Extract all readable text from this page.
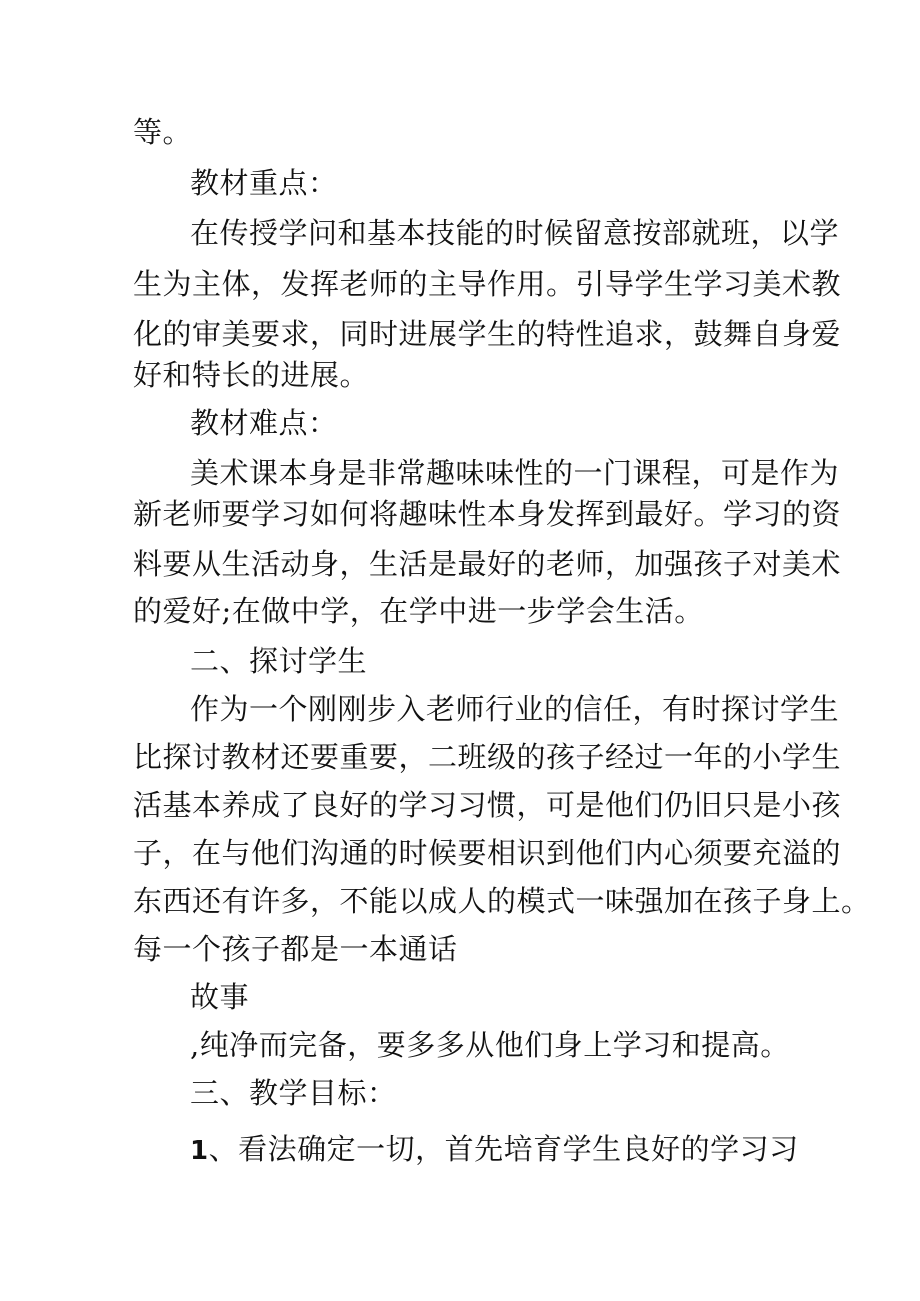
等。
教材重点：
在传授学问和基本技能的时候留意按部就班，以学
生为主体，发挥老师的主导作用。引导学生学习美术教
化的审美要求，同时进展学生的特性追求，鼓舞自身爱
好和特长的进展。
教材难点：
美术课本身是非常趣味味性的一门课程，可是作为
新老师要学习如何将趣味性本身发挥到最好。学习的资
料要从生活动身，生活是最好的老师，加强孩子对美术
的爱好;在做中学，在学中进一步学会生活。
二、探讨学生
作为一个刚刚步入老师行业的信任，有时探讨学生
比探讨教材还要重要，二班级的孩子经过一年的小学生
活基本养成了良好的学习习惯，可是他们仍旧只是小孩
子，在与他们沟通的时候要相识到他们内心须要充溢的
东西还有许多，不能以成人的模式一味强加在孩子身上。
每一个孩子都是一本通话
故事
,纯净而完备，要多多从他们身上学习和提高。
三、教学目标：
1、看法确定一切，首先培育学生良好的学习习
